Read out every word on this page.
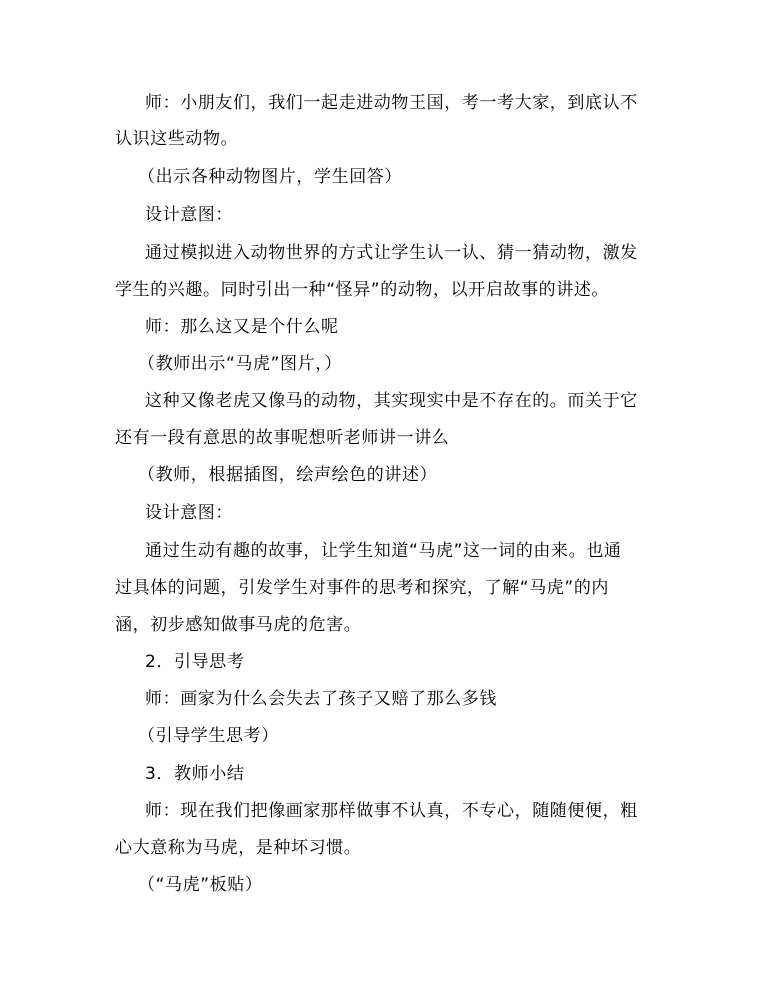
师：小朋友们，我们一起走进动物王国，考一考大家，到底认不
认识这些动物。
（出示各种动物图片，学生回答）
设计意图：
通过模拟进入动物世界的方式让学生认一认、猜一猜动物，激发
学生的兴趣。同时引出一种“怪异”的动物，以开启故事的讲述。
师：那么这又是个什么呢
（教师出示“马虎”图片，）
这种又像老虎又像马的动物，其实现实中是不存在的。而关于它
还有一段有意思的故事呢想听老师讲一讲么
（教师，根据插图，绘声绘色的讲述）
设计意图：
通过生动有趣的故事，让学生知道“马虎”这一词的由来。也通
过具体的问题，引发学生对事件的思考和探究，了解“马虎”的内
涵，初步感知做事马虎的危害。
2．引导思考
师：画家为什么会失去了孩子又赔了那么多钱
（引导学生思考）
3．教师小结
师：现在我们把像画家那样做事不认真，不专心，随随便便，粗
心大意称为马虎，是种坏习惯。
（“马虎”板贴）
